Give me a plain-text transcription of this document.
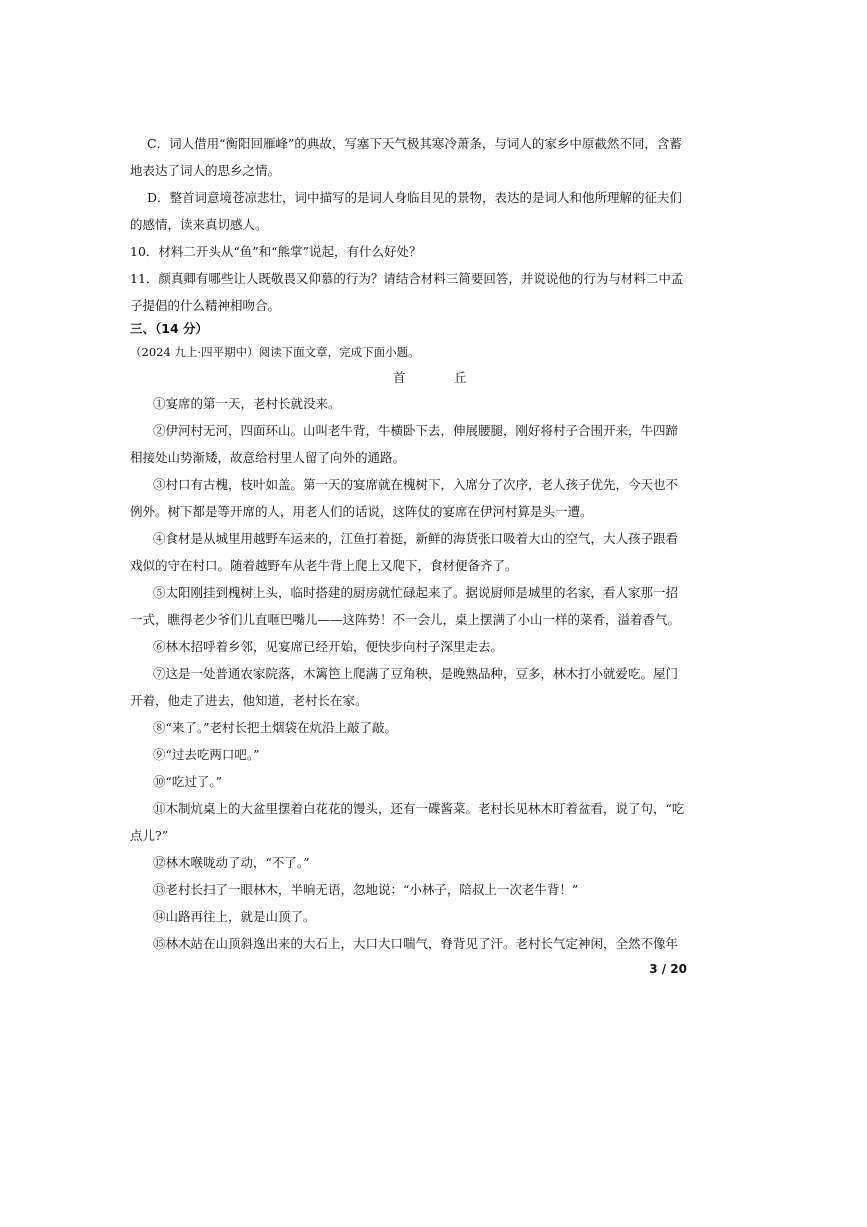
C．词人借用“衡阳回雁峰”的典故，写塞下天气极其寒冷萧条，与词人的家乡中原截然不同，含蓄
地表达了词人的思乡之情。
D．整首词意境苍凉悲壮，词中描写的是词人身临目见的景物，表达的是词人和他所理解的征夫们
的感情，读来真切感人。
10．材料二开头从“鱼”和“熊掌”说起，有什么好处？
11．颜真卿有哪些让人既敬畏又仰慕的行为？请结合材料三简要回答，并说说他的行为与材料二中孟
子提倡的什么精神相吻合。
三、（14 分）
（2024 九上·四平期中）阅读下面文章，完成下面小题。
首　丘
①宴席的第一天，老村长就没来。
②伊河村无河，四面环山。山叫老牛背，牛横卧下去，伸展腰腿，刚好将村子合围开来，牛四蹄
相接处山势渐矮，故意给村里人留了向外的通路。
③村口有古槐，枝叶如盖。第一天的宴席就在槐树下，入席分了次序，老人孩子优先，今天也不
例外。树下都是等开席的人，用老人们的话说，这阵仗的宴席在伊河村算是头一遭。
④食材是从城里用越野车运来的，江鱼打着挺，新鲜的海货张口吸着大山的空气，大人孩子跟看
戏似的守在村口。随着越野车从老牛背上爬上又爬下，食材便备齐了。
⑤太阳刚挂到槐树上头，临时搭建的厨房就忙碌起来了。据说厨师是城里的名家，看人家那一招
一式，瞧得老少爷们儿直咂巴嘴儿——这阵势！不一会儿，桌上摆满了小山一样的菜肴，溢着香气。
⑥林木招呼着乡邻，见宴席已经开始，便快步向村子深里走去。
⑦这是一处普通农家院落，木篱笆上爬满了豆角秧，是晚熟品种，豆多，林木打小就爱吃。屋门
开着，他走了进去，他知道，老村长在家。
⑧“来了。”老村长把土烟袋在炕沿上敲了敲。
⑨“过去吃两口吧。”
⑩“吃过了。”
⑪木制炕桌上的大盆里摆着白花花的馒头，还有一碟酱菜。老村长见林木盯着盆看，说了句，“吃
点儿?”
⑫林木喉咙动了动，“不了。”
⑬老村长扫了一眼林木，半晌无语，忽地说：“小林子，陪叔上一次老牛背！”
⑭山路再往上，就是山顶了。
⑮林木站在山顶斜逸出来的大石上，大口大口喘气，脊背见了汗。老村长气定神闲，全然不像年
3 / 20
